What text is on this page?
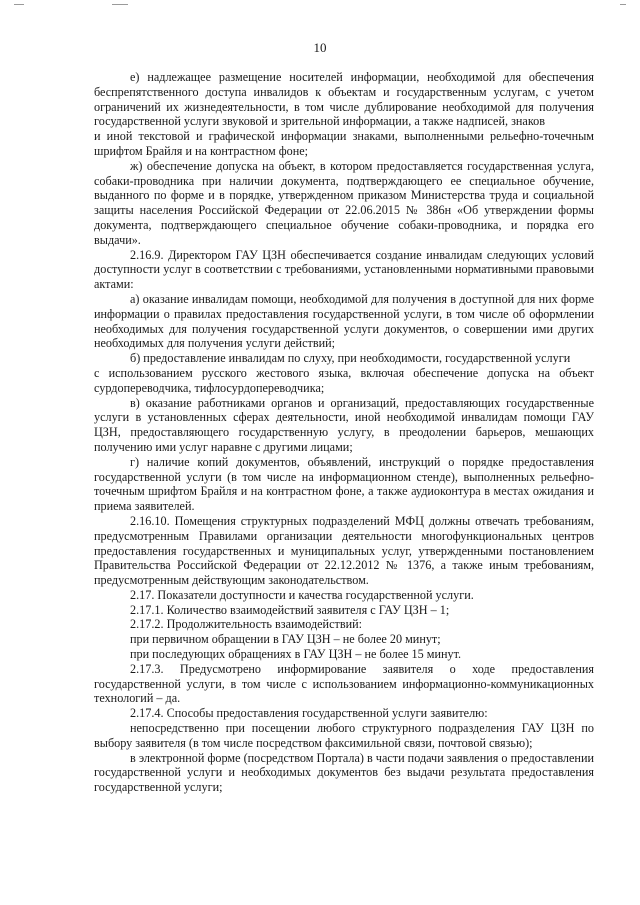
10

е) надлежащее размещение носителей информации, необходимой для обеспечения беспрепятственного доступа инвалидов к объектам и государственным услугам, с учетом ограничений их жизнедеятельности, в том числе дублирование необходимой для получения государственной услуги звуковой и зрительной информации, а также надписей, знаков

и иной текстовой и графической информации знаками, выполненными рельефно-точечным шрифтом Брайля и на контрастном фоне;

ж) обеспечение допуска на объект, в котором предоставляется государственная услуга, собаки-проводника при наличии документа, подтверждающего ее специальное обучение, выданного по форме и в порядке, утвержденном приказом Министерства труда и социальной защиты населения Российской Федерации от 22.06.2015 № 386н «Об утверждении формы документа, подтверждающего специальное обучение собаки-проводника, и порядка его выдачи».

2.16.9. Директором ГАУ ЦЗН обеспечивается создание инвалидам следующих условий доступности услуг в соответствии с требованиями, установленными нормативными правовыми актами:

а) оказание инвалидам помощи, необходимой для получения в доступной для них форме информации о правилах предоставления государственной услуги, в том числе об оформлении необходимых для получения государственной услуги документов, о совершении ими других необходимых для получения услуги действий;

б) предоставление инвалидам по слуху, при необходимости, государственной услуги

с использованием русского жестового языка, включая обеспечение допуска на объект сурдопереводчика, тифлосурдопереводчика;

в) оказание работниками органов и организаций, предоставляющих государственные услуги в установленных сферах деятельности, иной необходимой инвалидам помощи ГАУ ЦЗН, предоставляющего государственную услугу, в преодолении барьеров, мешающих получению ими услуг наравне с другими лицами;

г) наличие копий документов, объявлений, инструкций о порядке предоставления государственной услуги (в том числе на информационном стенде), выполненных рельефно-точечным шрифтом Брайля и на контрастном фоне, а также аудиоконтура в местах ожидания и приема заявителей.

2.16.10. Помещения структурных подразделений МФЦ должны отвечать требованиям, предусмотренным Правилами организации деятельности многофункциональных центров предоставления государственных и муниципальных услуг, утвержденными постановлением Правительства Российской Федерации от 22.12.2012 № 1376, а также иным требованиям, предусмотренным действующим законодательством.

2.17. Показатели доступности и качества государственной услуги.

2.17.1. Количество взаимодействий заявителя с ГАУ ЦЗН – 1;

2.17.2. Продолжительность взаимодействий:

при первичном обращении в ГАУ ЦЗН – не более 20 минут;

при последующих обращениях в ГАУ ЦЗН – не более 15 минут.

2.17.3. Предусмотрено информирование заявителя о ходе предоставления государственной услуги, в том числе с использованием информационно-коммуникационных технологий – да.

2.17.4. Способы предоставления государственной услуги заявителю:

непосредственно при посещении любого структурного подразделения ГАУ ЦЗН по выбору заявителя (в том числе посредством факсимильной связи, почтовой связью);

в электронной форме (посредством Портала) в части подачи заявления о предоставлении государственной услуги и необходимых документов без выдачи результата предоставления государственной услуги;
